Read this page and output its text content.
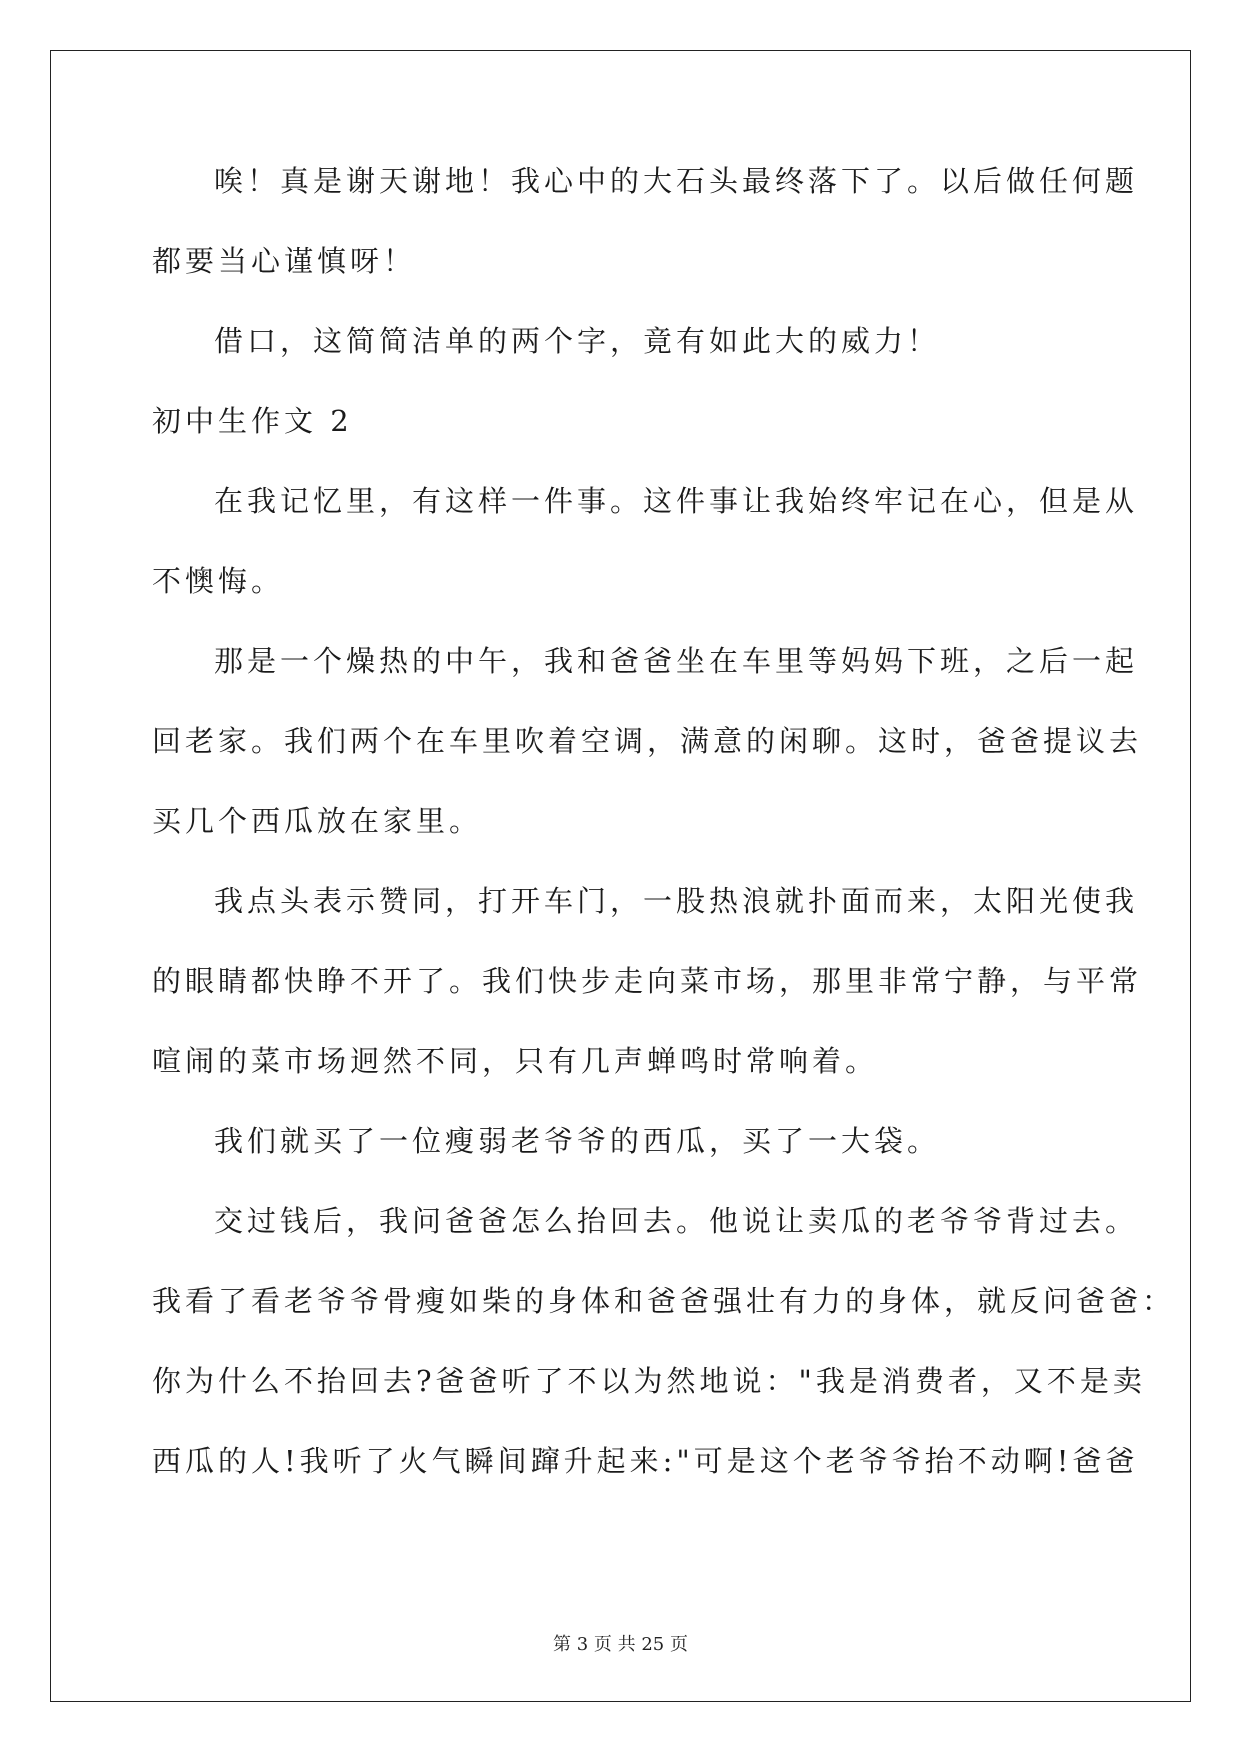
唉！真是谢天谢地！我心中的大石头最终落下了。以后做任何题
都要当心谨慎呀！
借口，这简简洁单的两个字，竟有如此大的威力！
初中生作文 2
在我记忆里，有这样一件事。这件事让我始终牢记在心，但是从
不懊悔。
那是一个燥热的中午，我和爸爸坐在车里等妈妈下班，之后一起
回老家。我们两个在车里吹着空调，满意的闲聊。这时，爸爸提议去
买几个西瓜放在家里。
我点头表示赞同，打开车门，一股热浪就扑面而来，太阳光使我
的眼睛都快睁不开了。我们快步走向菜市场，那里非常宁静，与平常
喧闹的菜市场迥然不同，只有几声蝉鸣时常响着。
我们就买了一位瘦弱老爷爷的西瓜，买了一大袋。
交过钱后，我问爸爸怎么抬回去。他说让卖瓜的老爷爷背过去。
我看了看老爷爷骨瘦如柴的身体和爸爸强壮有力的身体，就反问爸爸：
你为什么不抬回去?爸爸听了不以为然地说："我是消费者，又不是卖
西瓜的人!我听了火气瞬间蹿升起来:"可是这个老爷爷抬不动啊!爸爸
第 3 页 共 25 页
